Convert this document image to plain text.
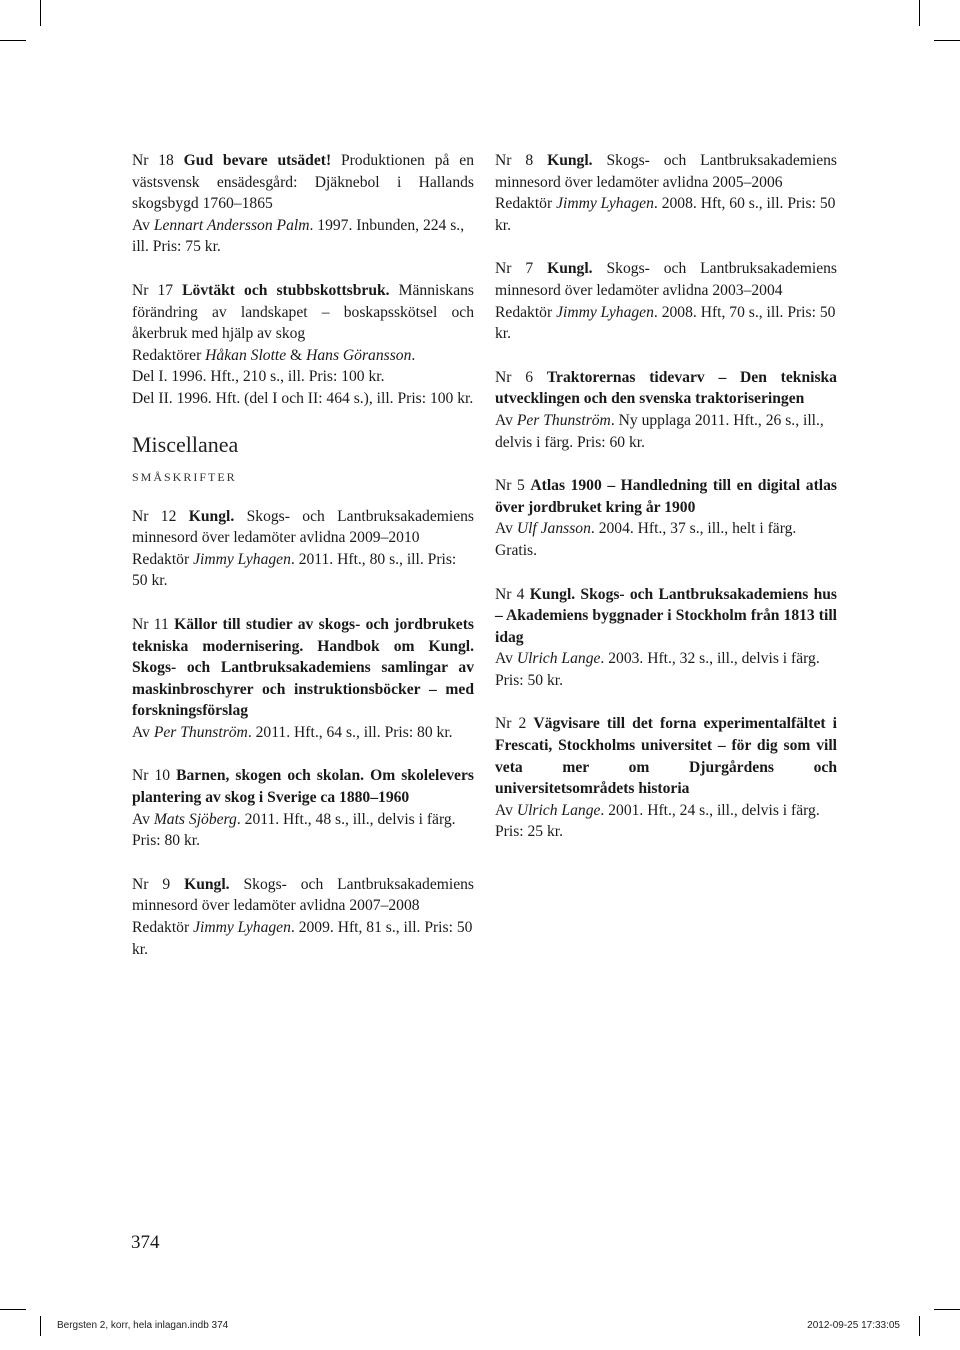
Nr 18 Gud bevare utsädet! Produktionen på en västsvensk ensädesgård: Djäknebol i Hallands skogsbygd 1760–1865

Av Lennart Andersson Palm. 1997. Inbunden, 224 s., ill. Pris: 75 kr.

Nr 17 Lövtäkt och stubbskottsbruk. Människans förändring av landskapet – boskapsskötsel och åkerbruk med hjälp av skog

Redaktörer Håkan Slotte & Hans Göransson.

Del I. 1996. Hft., 210 s., ill. Pris: 100 kr.

Del II. 1996. Hft. (del I och II: 464 s.), ill. Pris: 100 kr.

Miscellanea
SMÅSKRIFTER

Nr 12 Kungl. Skogs- och Lantbruksakademiens minnesord över ledamöter avlidna 2009–2010

Redaktör Jimmy Lyhagen. 2011. Hft., 80 s., ill. Pris: 50 kr.

Nr 11 Källor till studier av skogs- och jordbrukets tekniska modernisering. Handbok om Kungl. Skogs- och Lantbruksakademiens samlingar av maskinbroschyrer och instruktionsböcker – med forskningsförslag

Av Per Thunström. 2011. Hft., 64 s., ill. Pris: 80 kr.

Nr 10 Barnen, skogen och skolan. Om skolelevers plantering av skog i Sverige ca 1880–1960

Av Mats Sjöberg. 2011. Hft., 48 s., ill., delvis i färg. Pris: 80 kr.

Nr 9 Kungl. Skogs- och Lantbruksakademiens minnesord över ledamöter avlidna 2007–2008

Redaktör Jimmy Lyhagen. 2009. Hft, 81 s., ill. Pris: 50 kr.

Nr 8 Kungl. Skogs- och Lantbruksakademiens minnesord över ledamöter avlidna 2005–2006

Redaktör Jimmy Lyhagen. 2008. Hft, 60 s., ill. Pris: 50 kr.

Nr 7 Kungl. Skogs- och Lantbruksakademiens minnesord över ledamöter avlidna 2003–2004

Redaktör Jimmy Lyhagen. 2008. Hft, 70 s., ill. Pris: 50 kr.

Nr 6 Traktorernas tidevarv – Den tekniska utvecklingen och den svenska traktoriseringen

Av Per Thunström. Ny upplaga 2011. Hft., 26 s., ill., delvis i färg. Pris: 60 kr.

Nr 5 Atlas 1900 – Handledning till en digital atlas över jordbruket kring år 1900

Av Ulf Jansson. 2004. Hft., 37 s., ill., helt i färg. Gratis.

Nr 4 Kungl. Skogs- och Lantbruksakademiens hus – Akademiens byggnader i Stockholm från 1813 till idag

Av Ulrich Lange. 2003. Hft., 32 s., ill., delvis i färg. Pris: 50 kr.

Nr 2 Vägvisare till det forna experimentalfältet i Frescati, Stockholms universitet – för dig som vill veta mer om Djurgårdens och universitetsområdets historia

Av Ulrich Lange. 2001. Hft., 24 s., ill., delvis i färg. Pris: 25 kr.

374
Bergsten 2, korr, hela inlagan.indb 374	2012-09-25 17:33:05
